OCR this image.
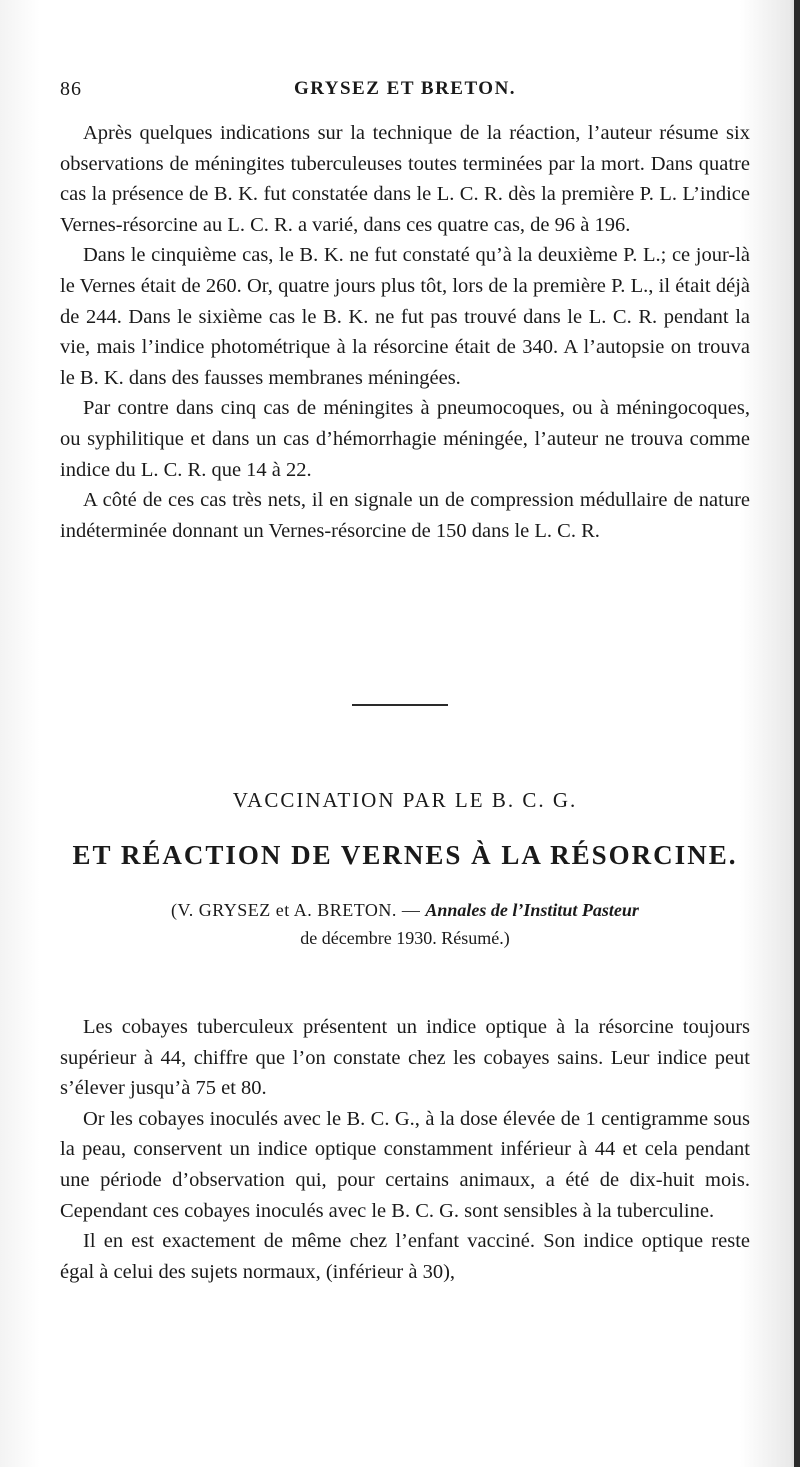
86	GRYSEZ ET BRETON.

Après quelques indications sur la technique de la réaction, l’auteur résume six observations de méningites tuberculeuses toutes terminées par la mort. Dans quatre cas la présence de B. K. fut constatée dans le L. C. R. dès la première P. L. L’indice Vernes-résorcine au L. C. R. a varié, dans ces quatre cas, de 96 à 196.

Dans le cinquième cas, le B. K. ne fut constaté qu’à la deuxième P. L.; ce jour-là le Vernes était de 260. Or, quatre jours plus tôt, lors de la première P. L., il était déjà de 244. Dans le sixième cas le B. K. ne fut pas trouvé dans le L. C. R. pendant la vie, mais l’indice photométrique à la résorcine était de 340. A l’autopsie on trouva le B. K. dans des fausses membranes méningées.

Par contre dans cinq cas de méningites à pneumocoques, ou à méningocoques, ou syphilitique et dans un cas d’hémorrhagie méningée, l’auteur ne trouva comme indice du L. C. R. que 14 à 22.

A côté de ces cas très nets, il en signale un de compression médullaire de nature indéterminée donnant un Vernes-résorcine de 150 dans le L. C. R.

VACCINATION PAR LE B. C. G.
ET RÉACTION DE VERNES À LA RÉSORCINE.
(V. GRYSEZ et A. BRETON. — Annales de l’Institut Pasteur
de décembre 1930. Résumé.)

Les cobayes tuberculeux présentent un indice optique à la résorcine toujours supérieur à 44, chiffre que l’on constate chez les cobayes sains. Leur indice peut s’élever jusqu’à 75 et 80.

Or les cobayes inoculés avec le B. C. G., à la dose élevée de 1 centigramme sous la peau, conservent un indice optique constamment inférieur à 44 et cela pendant une période d’observation qui, pour certains animaux, a été de dix-huit mois. Cependant ces cobayes inoculés avec le B. C. G. sont sensibles à la tuberculine.

Il en est exactement de même chez l’enfant vacciné. Son indice optique reste égal à celui des sujets normaux, (inférieur à 30),
